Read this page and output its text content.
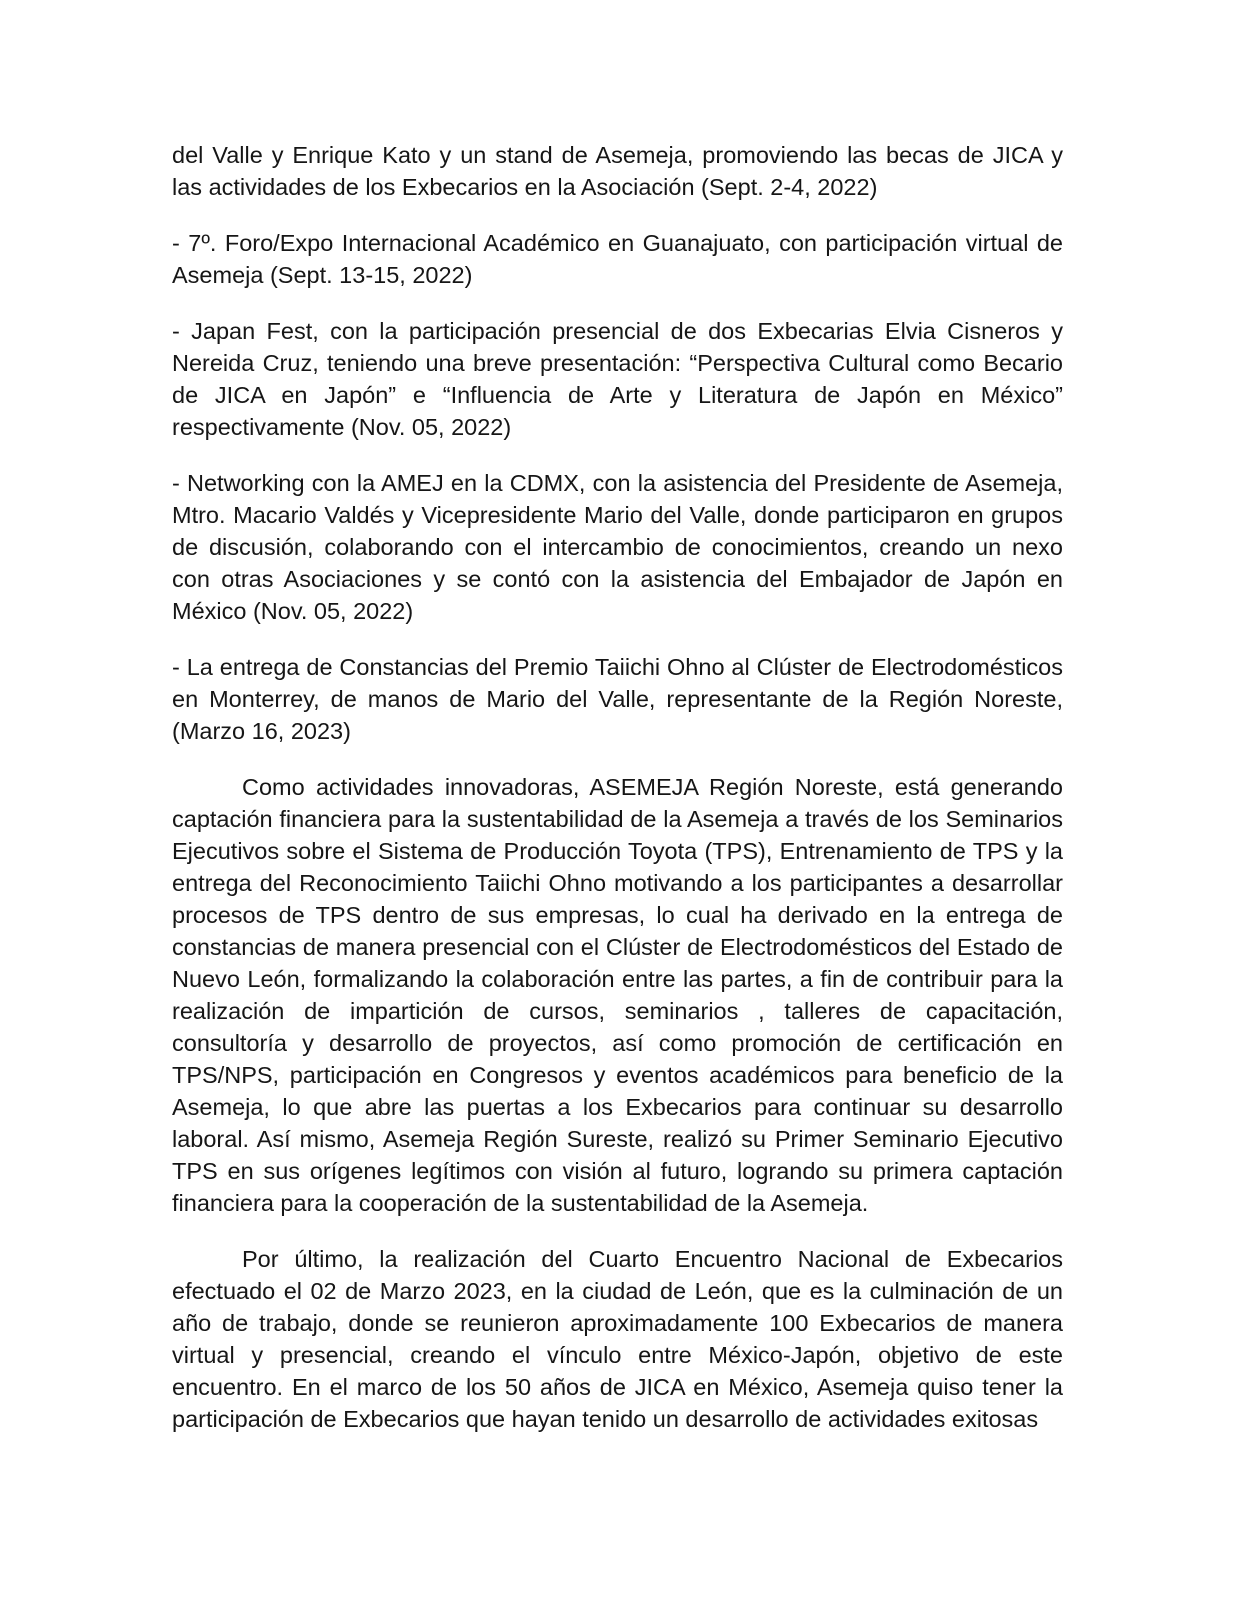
del Valle y Enrique Kato y un stand de Asemeja, promoviendo las becas de JICA y las actividades de los Exbecarios en la Asociación (Sept. 2-4, 2022)

- 7º. Foro/Expo Internacional Académico en Guanajuato, con participación virtual de Asemeja (Sept. 13-15, 2022)

- Japan Fest, con la participación presencial de dos Exbecarias Elvia Cisneros y Nereida Cruz, teniendo una breve presentación: “Perspectiva Cultural como Becario de JICA en Japón” e “Influencia de Arte y Literatura de Japón en México” respectivamente (Nov. 05, 2022)

- Networking con la AMEJ en la CDMX, con la asistencia del Presidente de Asemeja, Mtro. Macario Valdés y Vicepresidente Mario del Valle, donde participaron en grupos de discusión, colaborando con el intercambio de conocimientos, creando un nexo con otras Asociaciones y se contó con la asistencia del Embajador de Japón en México (Nov. 05, 2022)

- La entrega de Constancias del Premio Taiichi Ohno al Clúster de Electrodomésticos en Monterrey, de manos de Mario del Valle, representante de la Región Noreste, (Marzo 16, 2023)

Como actividades innovadoras, ASEMEJA Región Noreste, está generando captación financiera para la sustentabilidad de la Asemeja a través de los Seminarios Ejecutivos sobre el Sistema de Producción Toyota (TPS), Entrenamiento de TPS y la entrega del Reconocimiento Taiichi Ohno motivando a los participantes a desarrollar procesos de TPS dentro de sus empresas, lo cual ha derivado en la entrega de constancias de manera presencial con el Clúster de Electrodomésticos del Estado de Nuevo León, formalizando la colaboración entre las partes, a fin de contribuir para la realización de impartición de cursos, seminarios , talleres de capacitación, consultoría y desarrollo de proyectos, así como promoción de certificación en TPS/NPS, participación en Congresos y eventos académicos para beneficio de la Asemeja, lo que abre las puertas a los Exbecarios para continuar su desarrollo laboral. Así mismo, Asemeja Región Sureste, realizó su Primer Seminario Ejecutivo TPS en sus orígenes legítimos con visión al futuro, logrando su primera captación financiera para la cooperación de la sustentabilidad de la Asemeja.

Por último, la realización del Cuarto Encuentro Nacional de Exbecarios efectuado el 02 de Marzo 2023, en la ciudad de León, que es la culminación de un año de trabajo, donde se reunieron aproximadamente 100 Exbecarios de manera virtual y presencial, creando el vínculo entre México-Japón, objetivo de este encuentro. En el marco de los 50 años de JICA en México, Asemeja quiso tener la participación de Exbecarios que hayan tenido un desarrollo de actividades exitosas
